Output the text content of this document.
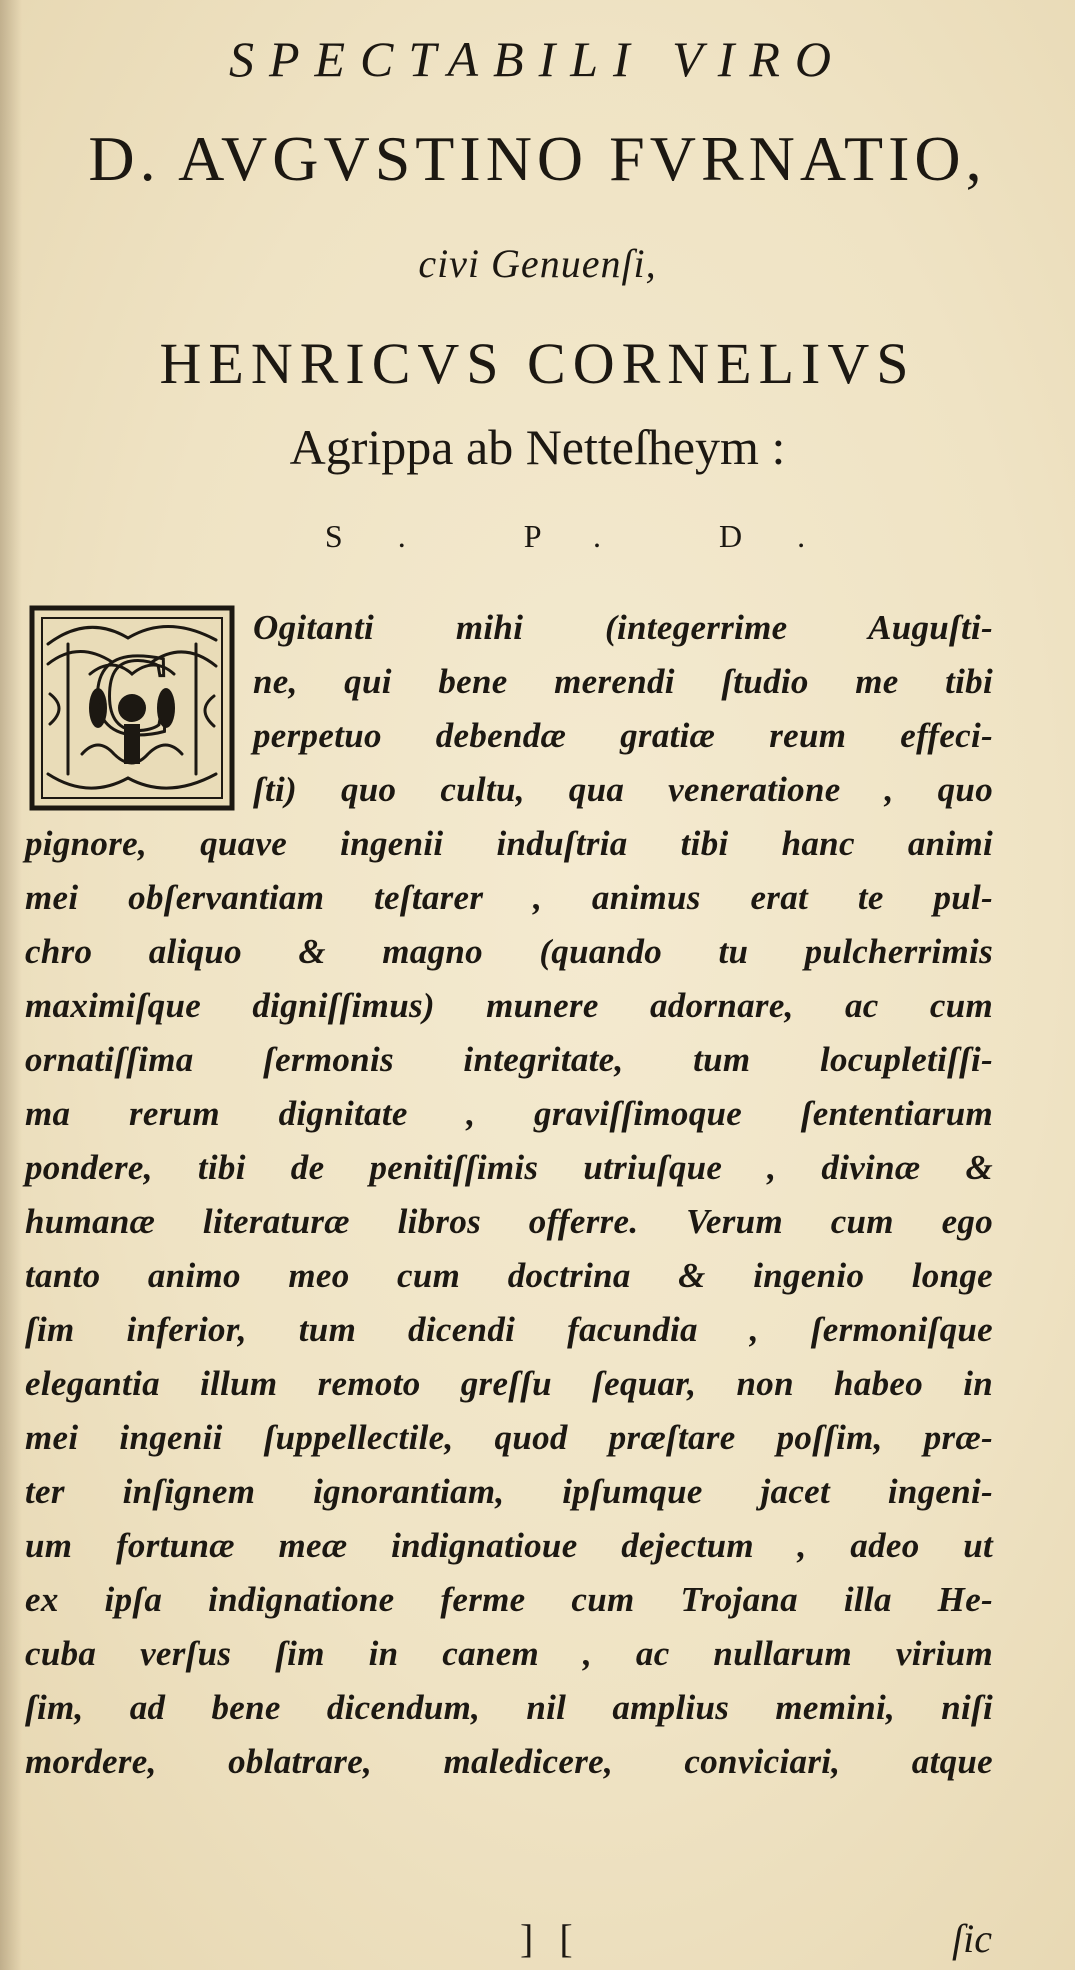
SPECTABILI VIRO

D. AVGVSTINO FVRNATIO,

civi Genuenſi,

HENRICVS CORNELIVS

Agrippa ab Netteſheym :

S. P. D.

C
Ogitanti mihi (integerrime Auguſti-
ne, qui bene merendi ſtudio me tibi
perpetuo debendæ gratiæ reum effeci-
ſti) quo cultu, qua veneratione , quo
pignore, quave ingenii induſtria tibi hanc animi
mei obſervantiam teſtarer , animus erat te pul-
chro aliquo & magno (quando tu pulcherrimis
maximiſque digniſſimus) munere adornare, ac cum
ornatiſſima ſermonis integritate, tum locupletiſſi-
ma rerum dignitate , graviſſimoque ſententiarum
pondere, tibi de penitiſſimis utriuſque , divinæ &
humanæ literaturæ libros offerre. Verum cum ego
tanto animo meo cum doctrina & ingenio longe
ſim inferior, tum dicendi facundia , ſermoniſque
elegantia illum remoto greſſu ſequar, non habeo in
mei ingenii ſuppellectile, quod præſtare poſſim, præ-
ter inſignem ignorantiam, ipſumque jacet ingeni-
um fortunæ meæ indignatioue dejectum , adeo ut
ex ipſa indignatione ferme cum Trojana illa He-
cuba verſus ſim in canem , ac nullarum virium
ſim, ad bene dicendum, nil amplius memini, niſi
mordere, oblatrare, maledicere, conviciari, atque
] [	ſic
